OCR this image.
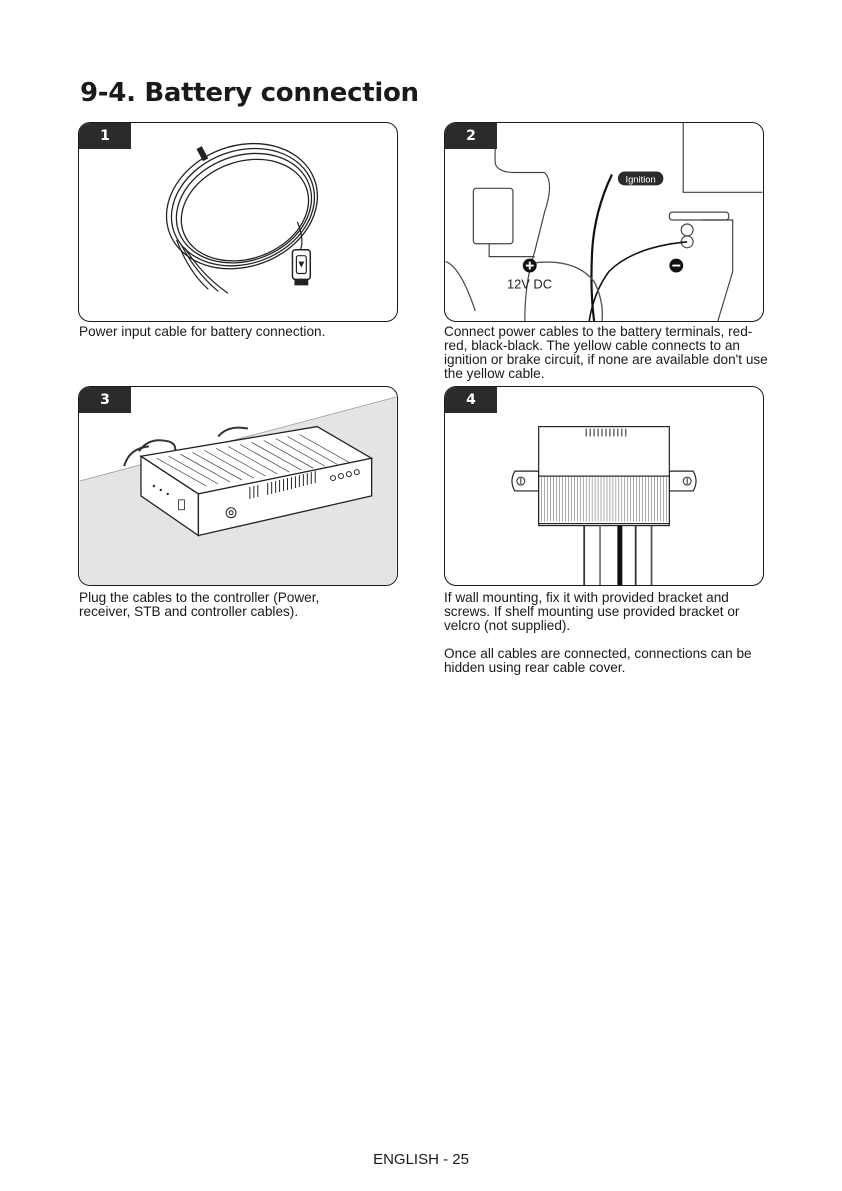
9-4. Battery connection
1	2
Ignition
12V DC
3	4

Power input cable for battery connection.	Connect power cables to the battery terminals, red-red, black-black. The yellow cable connects to an ignition or brake circuit, if none are available don't use the yellow cable.

Plug the cables to the controller (Power, receiver, STB and controller cables).

If wall mounting, fix it with provided bracket and screws. If shelf mounting use provided bracket or velcro (not supplied).

Once all cables are connected, connections can be hidden using rear cable cover.

ENGLISH - 25
